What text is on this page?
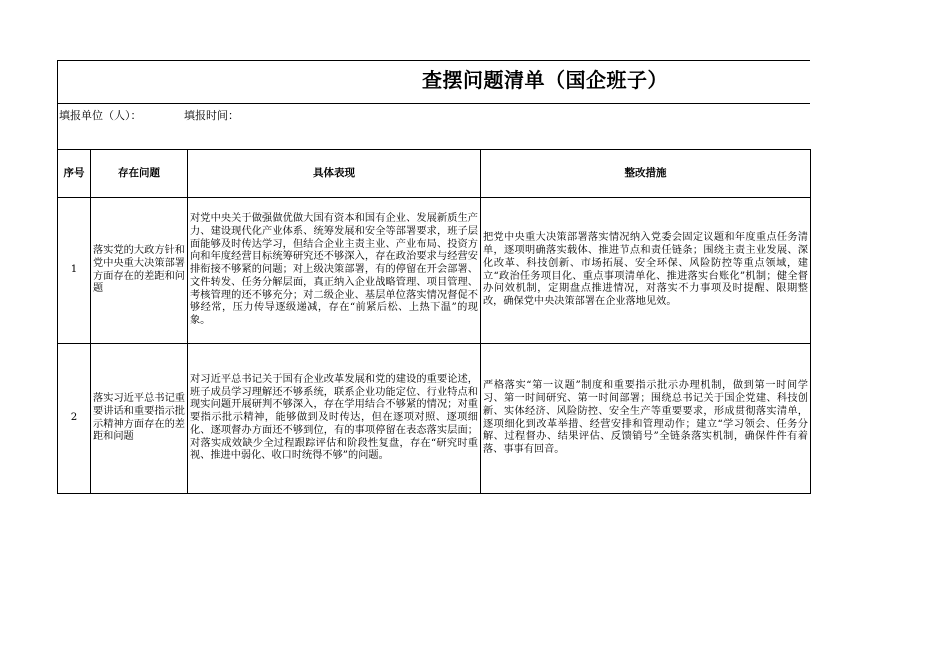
查摆问题清单（国企班子）
填报单位（人）：	填报时间：
序号	存在问题	具体表现	整改措施
1	落实党的大政方针和党中央重大决策部署方面存在的差距和问题	对党中央关于做强做优做大国有资本和国有企业、发展新质生产力、建设现代化产业体系、统筹发展和安全等部署要求，班子层面能够及时传达学习，但结合企业主责主业、产业布局、投资方向和年度经营目标统筹研究还不够深入，存在政治要求与经营安排衔接不够紧的问题；对上级决策部署，有的停留在开会部署、文件转发、任务分解层面，真正纳入企业战略管理、项目管理、考核管理的还不够充分；对二级企业、基层单位落实情况督促不够经常，压力传导逐级递减，存在“前紧后松、上热下温”的现象。	把党中央重大决策部署落实情况纳入党委会固定议题和年度重点任务清单，逐项明确落实载体、推进节点和责任链条；围绕主责主业发展、深化改革、科技创新、市场拓展、安全环保、风险防控等重点领域，建立“政治任务项目化、重点事项清单化、推进落实台账化”机制；健全督办问效机制，定期盘点推进情况，对落实不力事项及时提醒、限期整改，确保党中央决策部署在企业落地见效。
2	落实习近平总书记重要讲话和重要指示批示精神方面存在的差距和问题	对习近平总书记关于国有企业改革发展和党的建设的重要论述，班子成员学习理解还不够系统，联系企业功能定位、行业特点和现实问题开展研判不够深入，存在学用结合不够紧的情况；对重要指示批示精神，能够做到及时传达，但在逐项对照、逐项细化、逐项督办方面还不够到位，有的事项停留在表态落实层面；对落实成效缺少全过程跟踪评估和阶段性复盘，存在“研究时重视、推进中弱化、收口时统得不够”的问题。	严格落实“第一议题”制度和重要指示批示办理机制，做到第一时间学习、第一时间研究、第一时间部署；围绕总书记关于国企党建、科技创新、实体经济、风险防控、安全生产等重要要求，形成贯彻落实清单，逐项细化到改革举措、经营安排和管理动作；建立“学习领会、任务分解、过程督办、结果评估、反馈销号”全链条落实机制，确保件件有着落、事事有回音。
